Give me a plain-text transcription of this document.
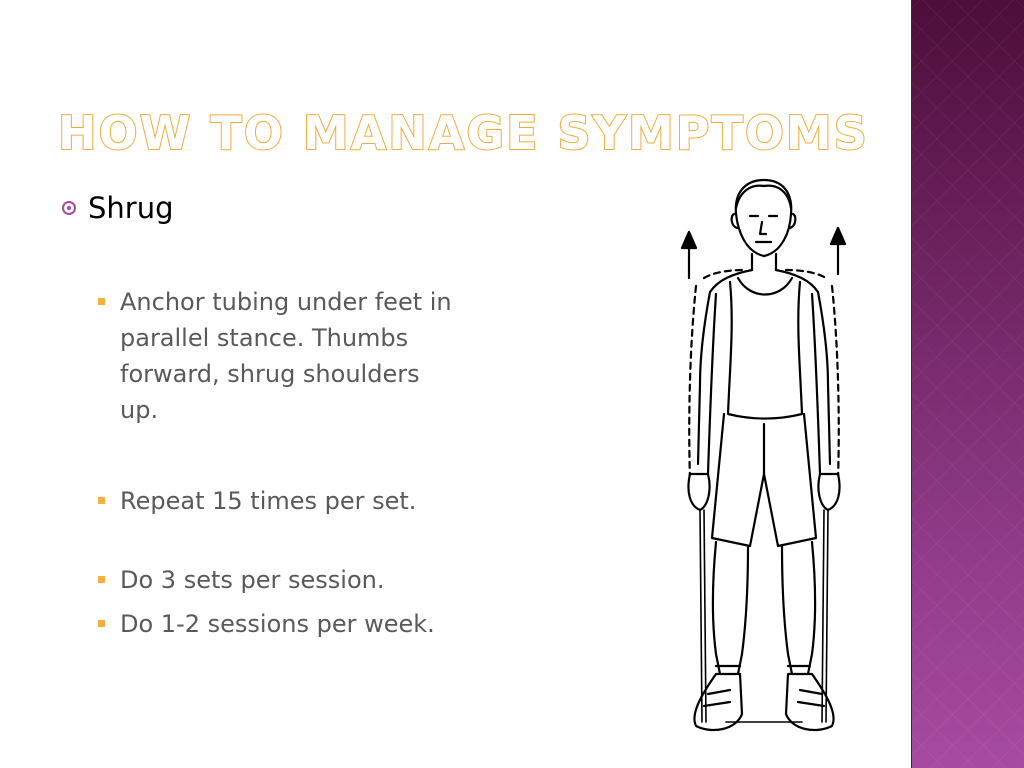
HOW TO MANAGE SYMPTOMS
Shrug
Anchor tubing under feet in parallel stance. Thumbs forward, shrug shoulders up.
Repeat 15 times per set.
Do 3 sets per session.
Do 1-2 sessions per week.
